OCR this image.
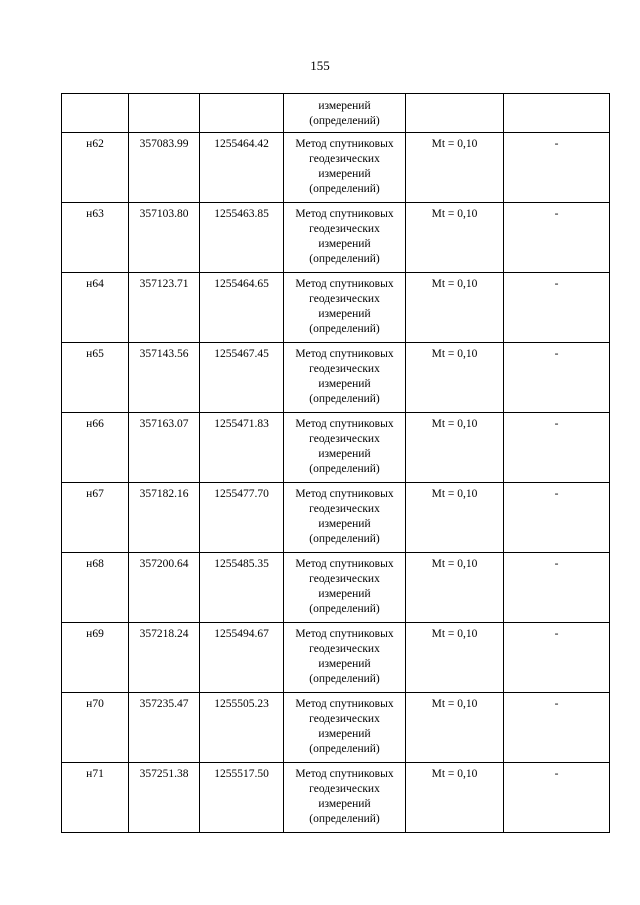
155

			измерений
(определений)		

н62	357083.99	1255464.42	Метод спутниковых
геодезических
измерений
(определений)	Mt = 0,10	-

н63	357103.80	1255463.85	Метод спутниковых
геодезических
измерений
(определений)	Mt = 0,10	-

н64	357123.71	1255464.65	Метод спутниковых
геодезических
измерений
(определений)	Mt = 0,10	-

н65	357143.56	1255467.45	Метод спутниковых
геодезических
измерений
(определений)	Mt = 0,10	-

н66	357163.07	1255471.83	Метод спутниковых
геодезических
измерений
(определений)	Mt = 0,10	-

н67	357182.16	1255477.70	Метод спутниковых
геодезических
измерений
(определений)	Mt = 0,10	-

н68	357200.64	1255485.35	Метод спутниковых
геодезических
измерений
(определений)	Mt = 0,10	-

н69	357218.24	1255494.67	Метод спутниковых
геодезических
измерений
(определений)	Mt = 0,10	-

н70	357235.47	1255505.23	Метод спутниковых
геодезических
измерений
(определений)	Mt = 0,10	-

н71	357251.38	1255517.50	Метод спутниковых
геодезических
измерений
(определений)	Mt = 0,10	-
